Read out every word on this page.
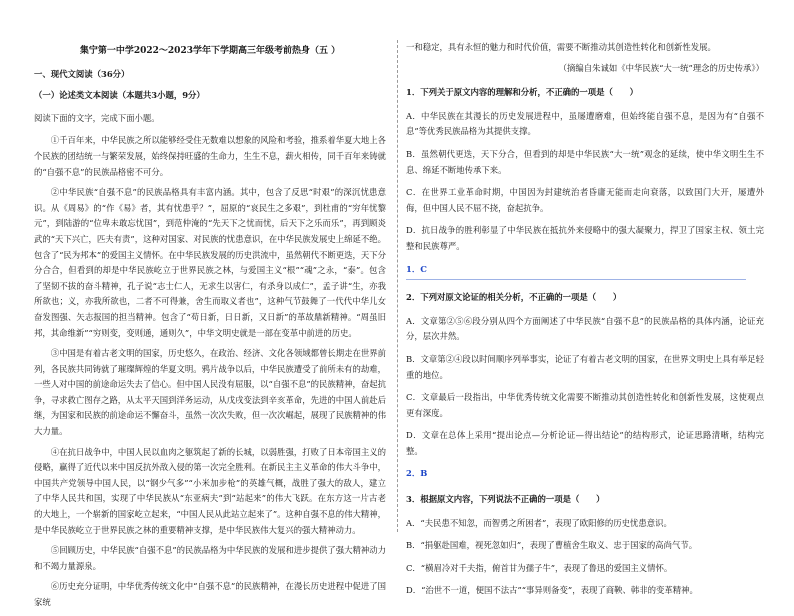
集宁第一中学2022～2023学年下学期高三年级考前热身（五 ）
一、现代文阅读（36分）
（一）论述类文本阅读（本题共3小题，9分）
阅读下面的文字，完成下面小题。
①千百年来，中华民族之所以能够经受住无数难以想象的风险和考验，推系着华夏大地上各个民族的团结统一与繁荣发展，始终保持旺盛的生命力，生生不息，薪火相传，同千百年来铸就的“自强不息”的民族品格密不可分。
②中华民族“自强不息”的民族品格具有丰富内涵。其中，包含了反思“时艰”的深沉忧患意识。从《周易》的“作《易》者，其有忧患乎？”，屈原的“哀民生之多艰”，到杜甫的“穷年忧黎元”，到陆游的“位卑未敢忘忧国”，到范仲淹的“先天下之忧而忧，后天下之乐而乐”，再到顾炎武的“天下兴亡，匹夫有责”，这种对国家、对民族的忧患意识，在中华民族发展史上绵延不绝。包含了“民为邦本”的爱国主义情怀。在中华民族发展的历史洪流中，虽然朝代不断更迭，天下分分合合，但看到的却是中华民族屹立于世界民族之林，与爱国主义“根”“魂”之永，“泰”。包含了坚韧不拔的奋斗精神，孔子说“志士仁人，无求生以害仁，有杀身以成仁”，孟子讲“生，亦我所欲也；义，亦我所欲也，二者不可得兼，舍生而取义者也”，这种气节鼓舞了一代代中华儿女奋发图强、矢志报国的担当精神。包含了“苟日新，日日新，又日新”的革故鼎新精神。“周虽旧邦，其命维新”“穷则变，变则通，通则久”，中华文明史就是一部在变革中前进的历史。
③中国是有着古老文明的国家，历史悠久，在政治、经济、文化各领域都曾长期走在世界前列，各民族共同铸就了璀璨辉煌的华夏文明。鸦片战争以后，中华民族遭受了前所未有的劫难，一些人对中国的前途命运失去了信心。但中国人民没有屈服，以“自强不息”的民族精神，奋起抗争，寻求救亡图存之路，从太平天国到洋务运动，从戊戌变法到辛亥革命，先进的中国人前赴后继，为国家和民族的前途命运不懈奋斗，虽然一次次失败，但一次次崛起，展现了民族精神的伟大力量。
④在抗日战争中，中国人民以血肉之躯筑起了新的长城，以弱胜强，打败了日本帝国主义的侵略，赢得了近代以来中国反抗外敌入侵的第一次完全胜利。在新民主主义革命的伟大斗争中，中国共产党领导中国人民，以“钢少气多”“小米加步枪”的英雄气概，战胜了强大的敌人，建立了中华人民共和国，实现了中华民族从“东亚病夫”到“站起来”的伟大飞跃。在东方这一片古老的大地上，一个崭新的国家屹立起来，“中国人民从此站立起来了”。这种自强不息的伟大精神，是中华民族屹立于世界民族之林的重要精神支撑，是中华民族伟大复兴的强大精神动力。
⑤回顾历史，中华民族“自强不息”的民族品格为中华民族的发展和进步提供了强大精神动力和不竭力量源泉。
⑥历史充分证明，中华优秀传统文化中“自强不息”的民族精神，在漫长历史进程中促进了国家统
一和稳定，具有永恒的魅力和时代价值，需要不断推动其创造性转化和创新性发展。
（摘编自朱诚如《中华民族“大一统”理念的历史传承》）
1．下列关于原文内容的理解和分析，不正确的一项是（　　）
A．中华民族在其漫长的历史发展进程中，虽屡遭磨难，但始终能自强不息，是因为有“自强不息”等优秀民族品格为其提供支撑。
B．虽然朝代更迭，天下分合，但看到的却是中华民族“大一统”观念的延续，使中华文明生生不息、绵延不断地传承下来。
C．在世界工业革命时期，中国因为封建统治者昏庸无能而走向衰落，以致国门大开，屡遭外侮，但中国人民不屈不挠，奋起抗争。
D．抗日战争的胜利彰显了中华民族在抵抗外来侵略中的强大凝聚力，捍卫了国家主权、领土完整和民族尊严。
1．C
2．下列对原文论证的相关分析，不正确的一项是（　　）
A．文章第②⑤⑥段分别从四个方面阐述了中华民族“自强不息”的民族品格的具体内涵，论证充分，层次井然。
B．文章第②④段以时间顺序列举事实，论证了有着古老文明的国家，在世界文明史上具有举足轻重的地位。
C．文章最后一段指出，中华优秀传统文化需要不断推动其创造性转化和创新性发展，这使观点更有深度。
D．文章在总体上采用“提出论点—分析论证—得出结论”的结构形式，论证思路清晰，结构完整。
2．B
3．根据原文内容，下列说法不正确的一项是（　　）
A．“夫民患不知忽，而智勇之所困者”，表现了欧阳修的历史忧患意识。
B．“捐躯赴国难，视死忽如归”，表现了曹植舍生取义、忠于国家的高尚气节。
C．“横眉冷对千夫指，俯首甘为孺子牛”，表现了鲁迅的爱国主义情怀。
D．“治世不一道，便国不法古”“事异则备变”，表现了商鞅、韩非的变革精神。
